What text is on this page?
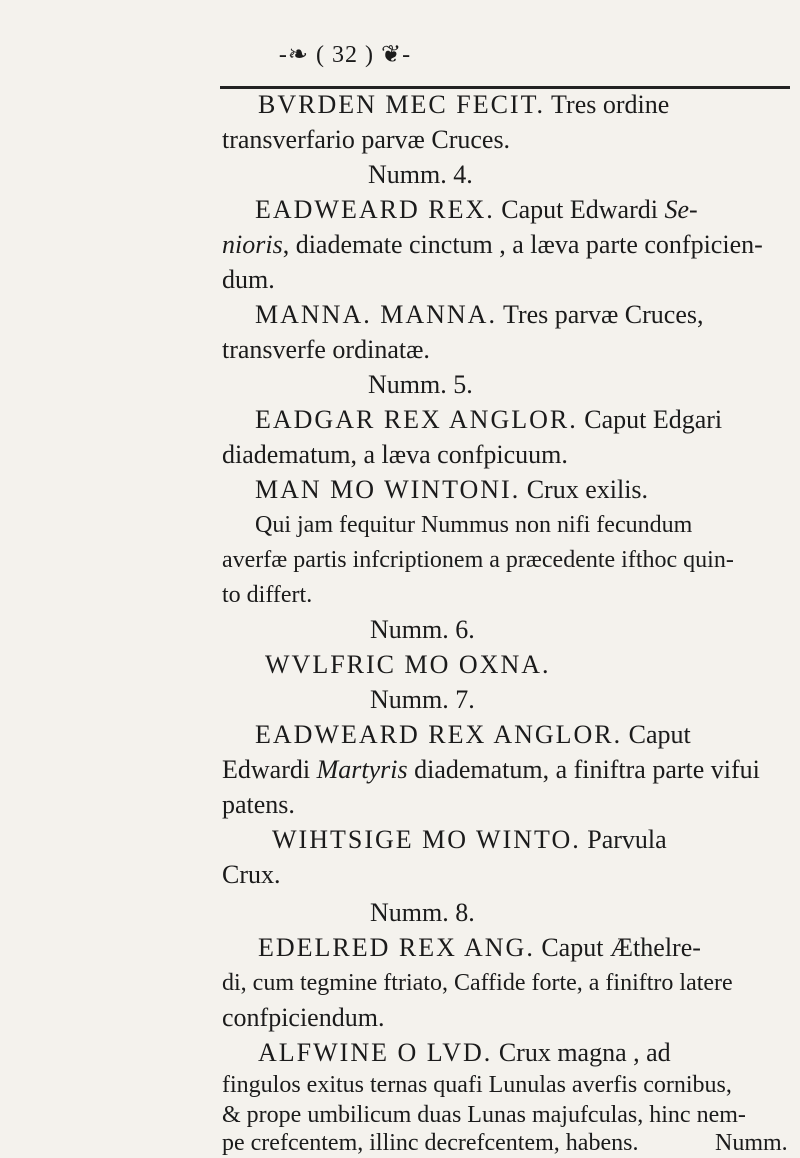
-❧ ( 32 ) ❦-
BVRDEN MEC FECIT. Tres ordine
transverfario parvæ Cruces.
Numm. 4.
EADWEARD REX. Caput Edwardi Se-
nioris, diademate cinctum , a læva parte confpicien-
dum.
MANNA. MANNA. Tres parvæ Cruces,
transverfe ordinatæ.
Numm. 5.
EADGAR REX ANGLOR. Caput Edgari
diadematum, a læva confpicuum.
MAN MO WINTONI. Crux exilis.
Qui jam fequitur Nummus non nifi fecundum
averfæ partis infcriptionem a præcedente ifthoc quin-
to differt.
Numm. 6.
WVLFRIC MO OXNA.
Numm. 7.
EADWEARD REX ANGLOR. Caput
Edwardi Martyris diadematum, a finiftra parte vifui
patens.
WIHTSIGE MO WINTO. Parvula
Crux.
Numm. 8.
EDELRED REX ANG. Caput Æthelre-
di, cum tegmine ftriato, Caffide forte, a finiftro latere
confpiciendum.
ALFWINE O LVD. Crux magna , ad
fingulos exitus ternas quafi Lunulas averfis cornibus,
& prope umbilicum duas Lunas majufculas, hinc nem-
pe crefcentem, illinc decrefcentem, habens.	Numm.
